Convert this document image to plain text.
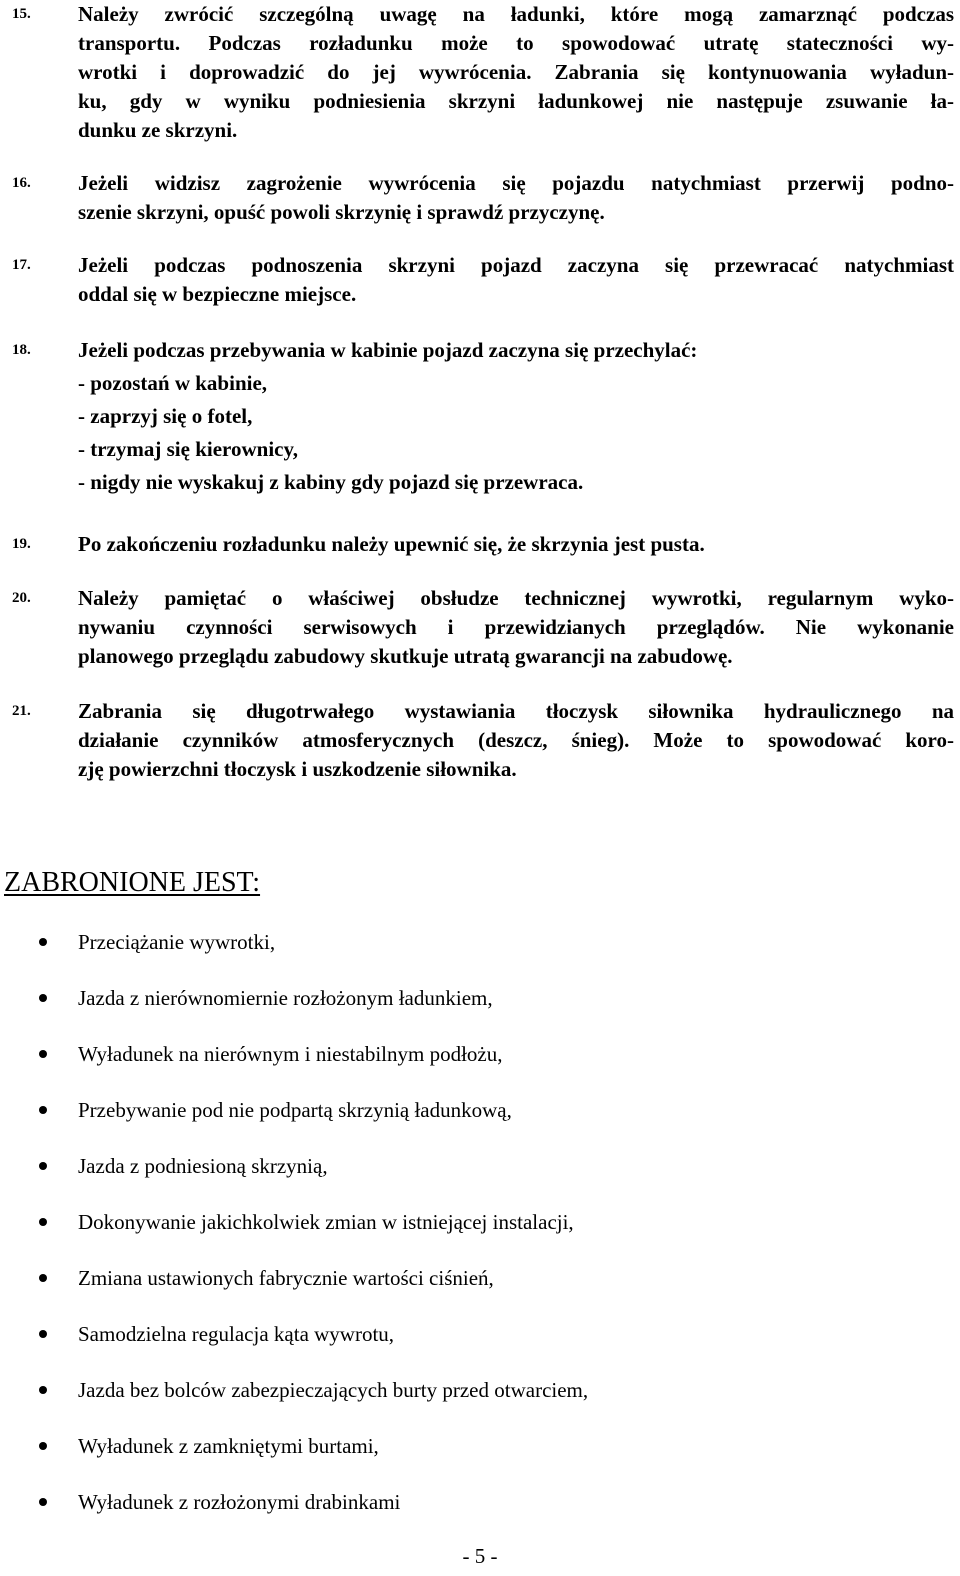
15.	Należy zwrócić szczególną uwagę na ładunki, które mogą zamarznąć podczas
transportu. Podczas rozładunku może to spowodować utratę stateczności wy-
wrotki i doprowadzić do jej wywrócenia. Zabrania się kontynuowania wyładun-
ku, gdy w wyniku podniesienia skrzyni ładunkowej nie następuje zsuwanie ła-
dunku ze skrzyni.
16.	Jeżeli widzisz zagrożenie wywrócenia się pojazdu natychmiast przerwij podno-
szenie skrzyni, opuść powoli skrzynię i sprawdź przyczynę.
17.	Jeżeli podczas podnoszenia skrzyni pojazd zaczyna się przewracać natychmiast
oddal się w bezpieczne miejsce.
18.	Jeżeli podczas przebywania w kabinie pojazd zaczyna się przechylać:
- pozostań w kabinie,
- zaprzyj się o fotel,
- trzymaj się kierownicy,
- nigdy nie wyskakuj z kabiny gdy pojazd się przewraca.
19.	Po zakończeniu rozładunku należy upewnić się, że skrzynia jest pusta.
20.	Należy pamiętać o właściwej obsłudze technicznej wywrotki, regularnym wyko-
nywaniu czynności serwisowych i przewidzianych przeglądów. Nie wykonanie
planowego przeglądu zabudowy skutkuje utratą gwarancji na zabudowę.
21.	Zabrania się długotrwałego wystawiania tłoczysk siłownika hydraulicznego na
działanie czynników atmosferycznych (deszcz, śnieg). Może to spowodować koro-
zję powierzchni tłoczysk i uszkodzenie siłownika.
ZABRONIONE JEST:
Przeciążanie wywrotki,
Jazda z nierównomiernie rozłożonym ładunkiem,
Wyładunek na nierównym i niestabilnym podłożu,
Przebywanie pod nie podpartą skrzynią ładunkową,
Jazda z podniesioną skrzynią,
Dokonywanie jakichkolwiek zmian w istniejącej instalacji,
Zmiana ustawionych fabrycznie wartości ciśnień,
Samodzielna regulacja kąta wywrotu,
Jazda bez bolców zabezpieczających burty przed otwarciem,
Wyładunek z zamkniętymi burtami,
Wyładunek z rozłożonymi drabinkami
- 5 -
